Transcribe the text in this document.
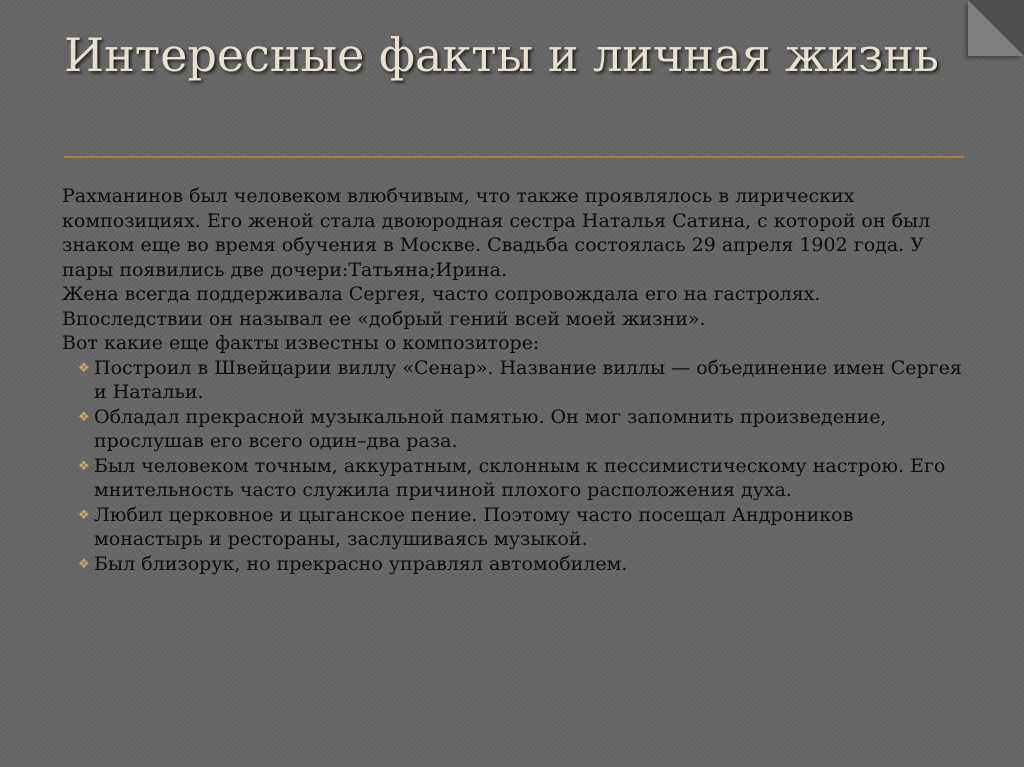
Интересные факты и личная жизнь

Рахманинов был человеком влюбчивым, что также проявлялось в лирических композициях. Его женой стала двоюродная сестра Наталья Сатина, с которой он был знаком еще во время обучения в Москве. Свадьба состоялась 29 апреля 1902 года. У пары появились две дочери:Татьяна;Ирина.

Жена всегда поддерживала Сергея, часто сопровождала его на гастролях. Впоследствии он называл ее «добрый гений всей моей жизни».

Вот какие еще факты известны о композиторе:

❖ Построил в Швейцарии виллу «Сенар». Название виллы — объединение имен Сергея и Натальи.
❖ Обладал прекрасной музыкальной памятью. Он мог запомнить произведение, прослушав его всего один–два раза.
❖ Был человеком точным, аккуратным, склонным к пессимистическому настрою. Его мнительность часто служила причиной плохого расположения духа.
❖ Любил церковное и цыганское пение. Поэтому часто посещал Андроников монастырь и рестораны, заслушиваясь музыкой.
❖ Был близорук, но прекрасно управлял автомобилем.
